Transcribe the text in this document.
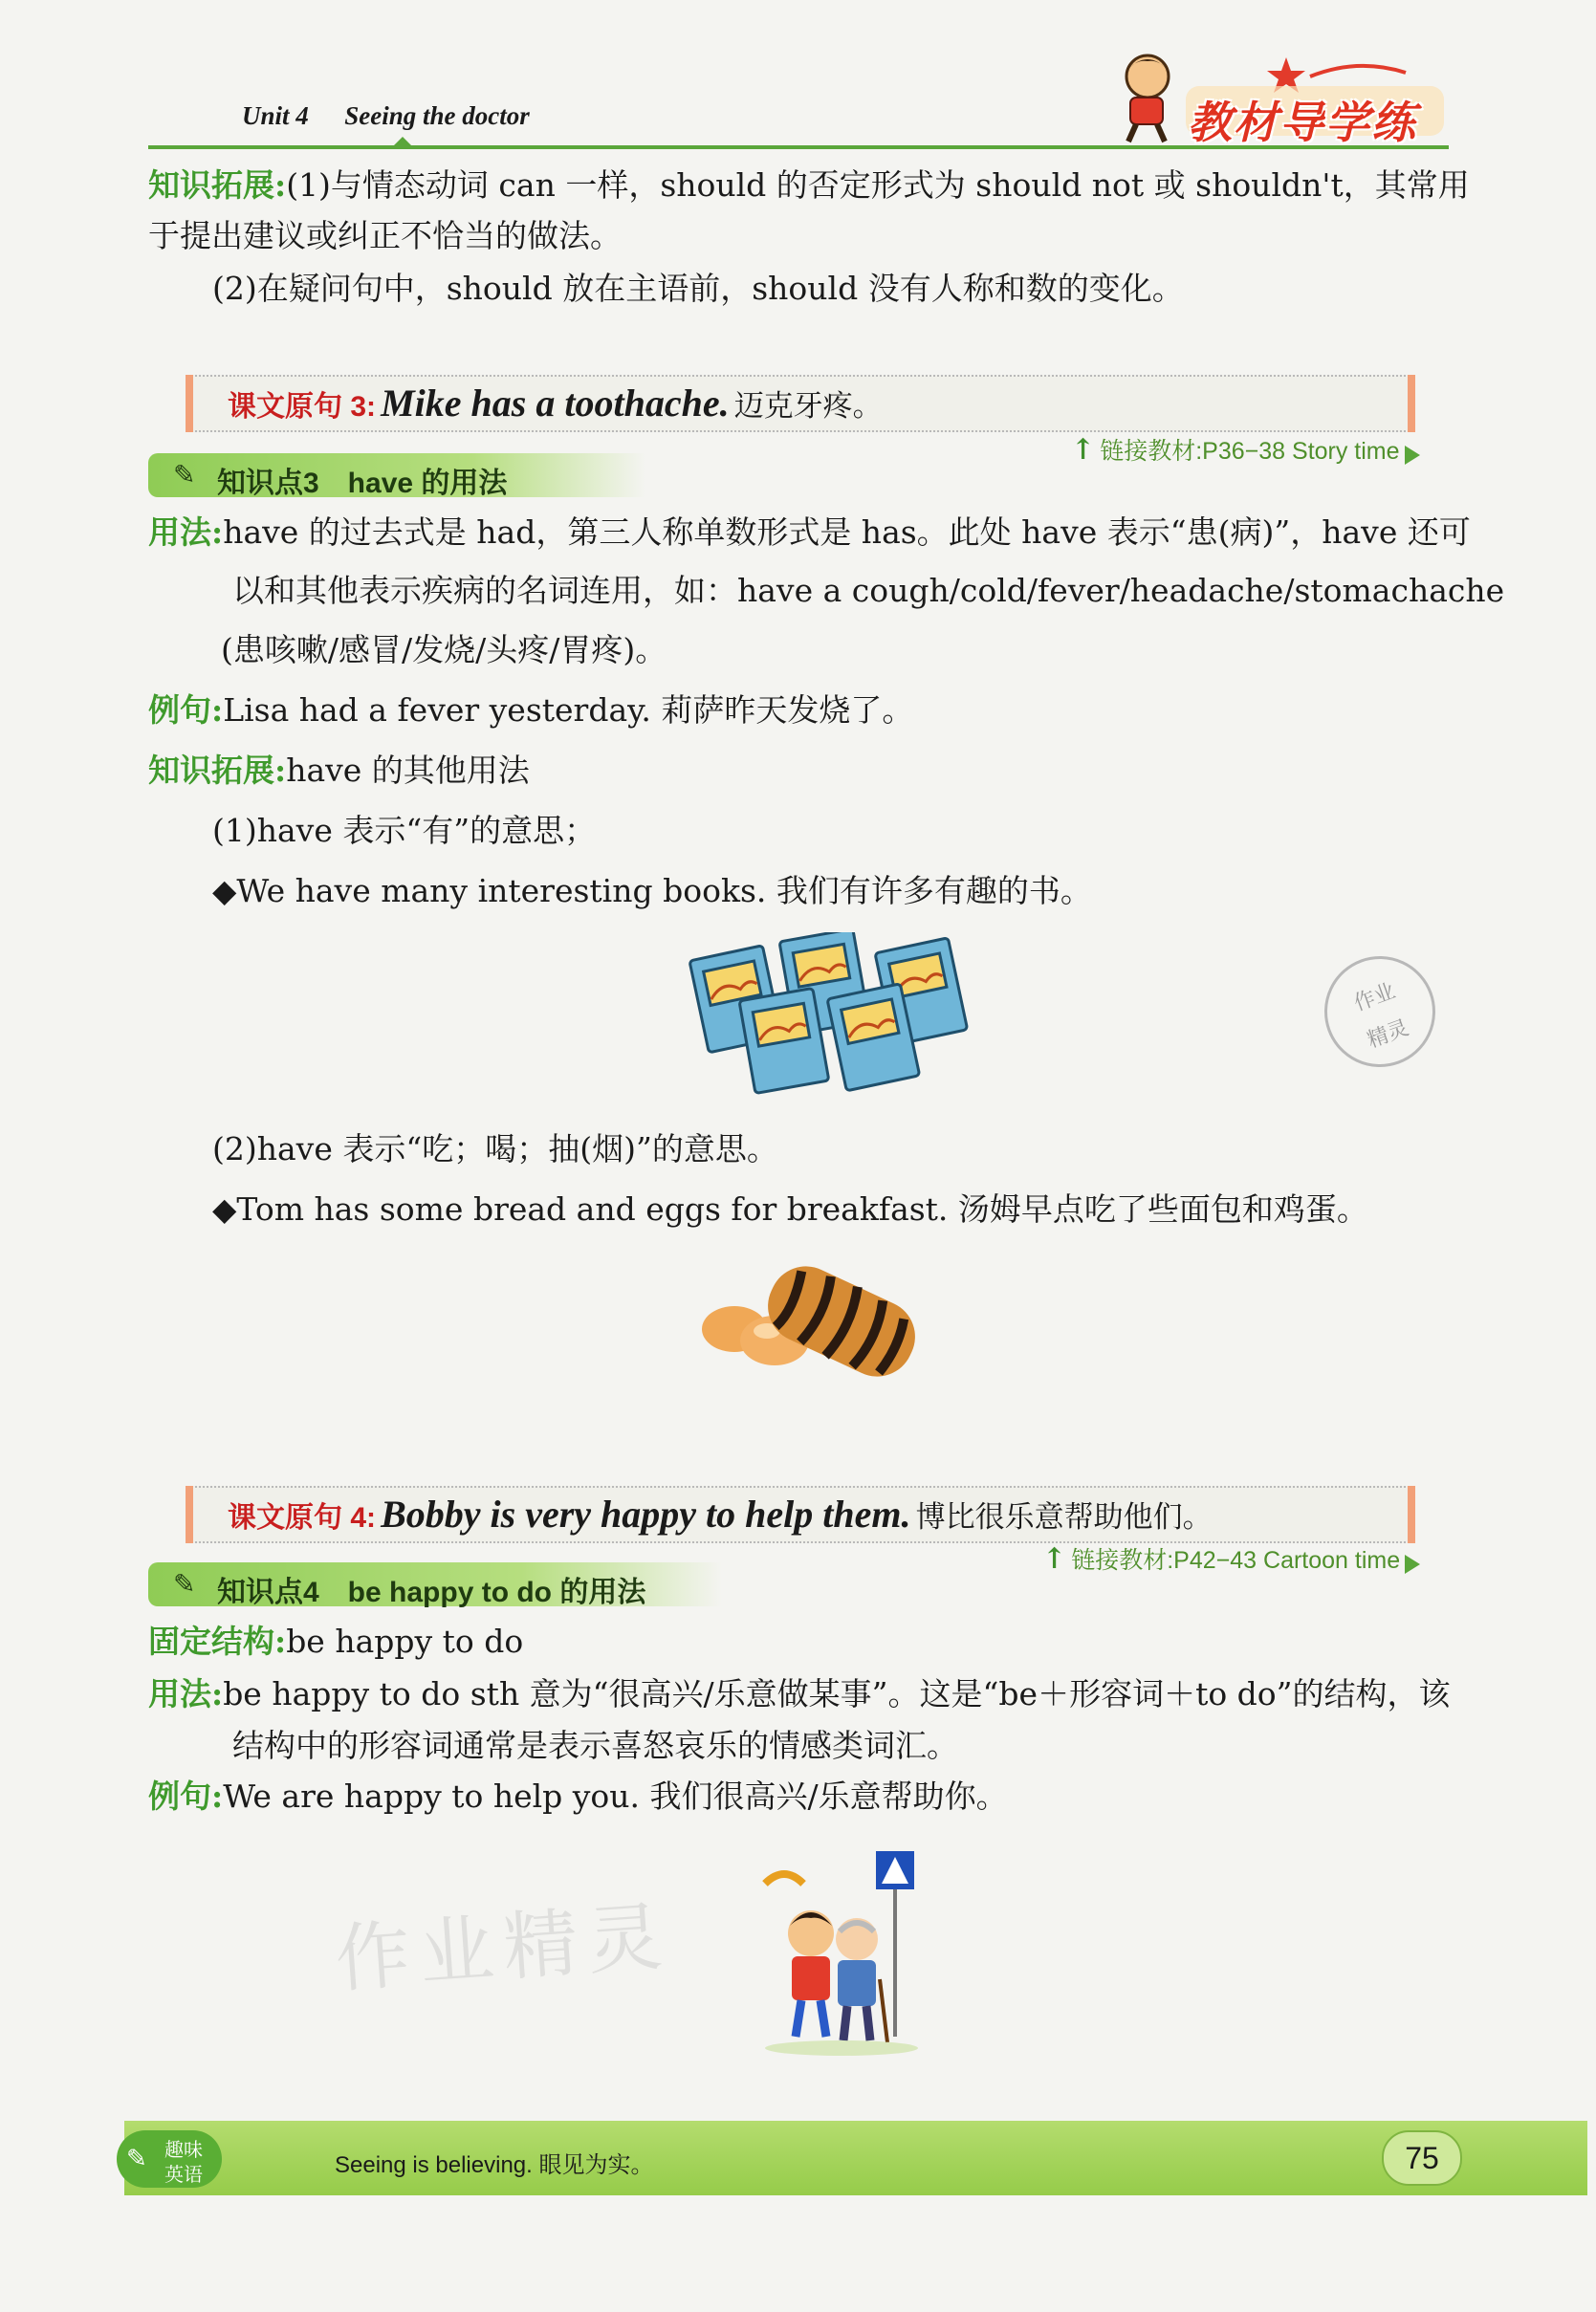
Unit 4 Seeing the doctor	教材导学练
知识拓展:(1)与情态动词 can 一样，should 的否定形式为 should not 或 shouldn't，其常用
于提出建议或纠正不恰当的做法。
(2)在疑问句中，should 放在主语前，should 没有人称和数的变化。
课文原句 3: Mike has a toothache. 迈克牙疼。
↑ 链接教材:P36−38 Story time
✎ 知识点3　have 的用法
用法:have 的过去式是 had，第三人称单数形式是 has。此处 have 表示“患(病)”，have 还可
以和其他表示疾病的名词连用，如：have a cough/cold/fever/headache/stomachache
(患咳嗽/感冒/发烧/头疼/胃疼)。
例句:Lisa had a fever yesterday. 莉萨昨天发烧了。
知识拓展:have 的其他用法
(1)have 表示“有”的意思；
◆We have many interesting books. 我们有许多有趣的书。
作业
精灵
(2)have 表示“吃；喝；抽(烟)”的意思。
◆Tom has some bread and eggs for breakfast. 汤姆早点吃了些面包和鸡蛋。
课文原句 4: Bobby is very happy to help them. 博比很乐意帮助他们。
↑ 链接教材:P42−43 Cartoon time
✎ 知识点4　be happy to do 的用法
固定结构:be happy to do
用法:be happy to do sth 意为“很高兴/乐意做某事”。这是“be＋形容词＋to do”的结构，该
结构中的形容词通常是表示喜怒哀乐的情感类词汇。
例句:We are happy to help you. 我们很高兴/乐意帮助你。
作业精灵
✎ 趣味
英语	Seeing is believing. 眼见为实。	75
